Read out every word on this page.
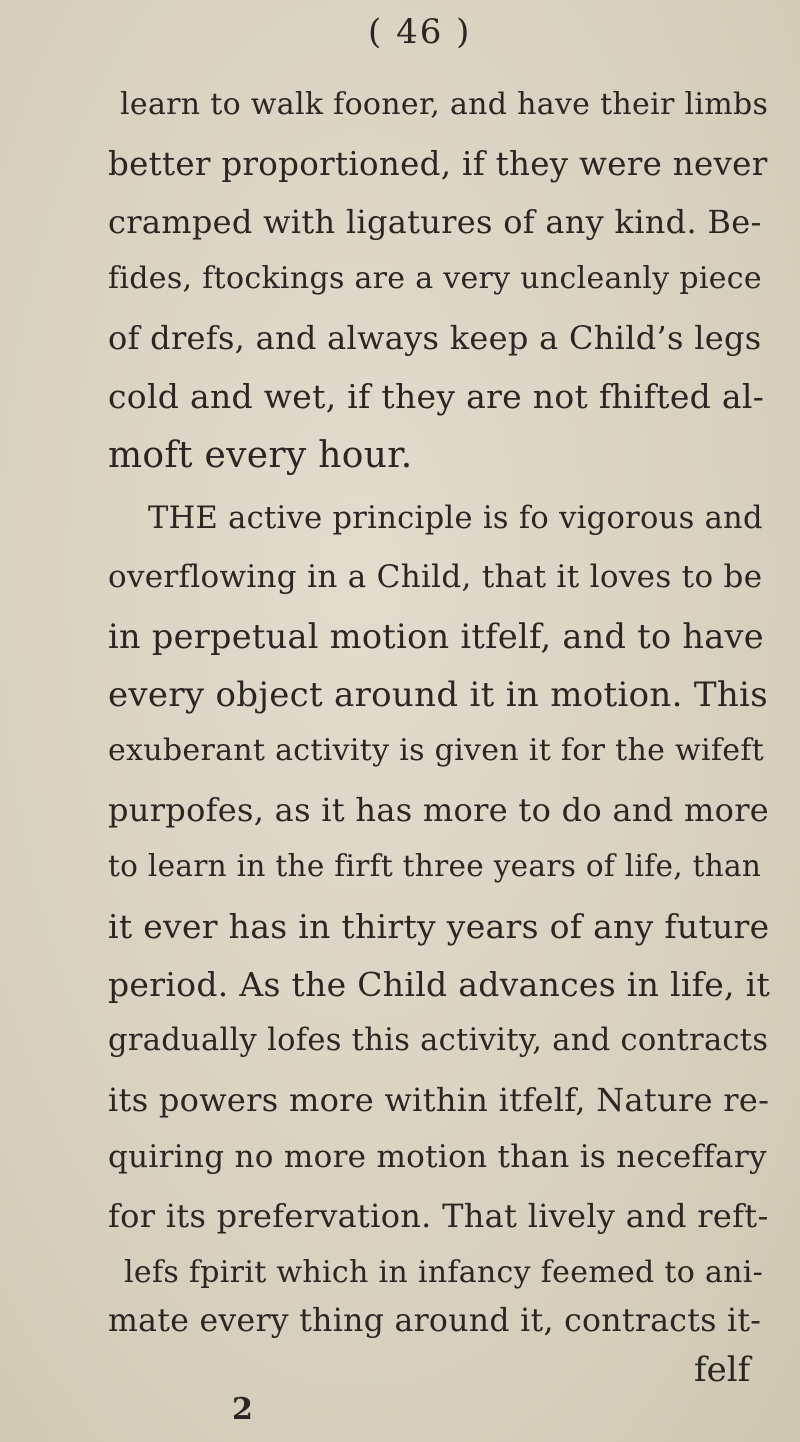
( 46 )
learn to walk fooner, and have their limbs
better proportioned, if they were never
cramped with ligatures of any kind. Be-
fides, ftockings are a very uncleanly piece
of drefs, and always keep a Child’s legs
cold and wet, if they are not fhifted al-
moft every hour.
THE active principle is fo vigorous and
overflowing in a Child, that it loves to be
in perpetual motion itfelf, and to have
every object around it in motion. This
exuberant activity is given it for the wifeft
purpofes, as it has more to do and more
to learn in the firft three years of life, than
it ever has in thirty years of any future
period. As the Child advances in life, it
gradually lofes this activity, and contracts
its powers more within itfelf, Nature re-
quiring no more motion than is neceffary
for its prefervation. That lively and reft-
lefs fpirit which in infancy feemed to ani-
mate every thing around it, contracts it-
felf
2
